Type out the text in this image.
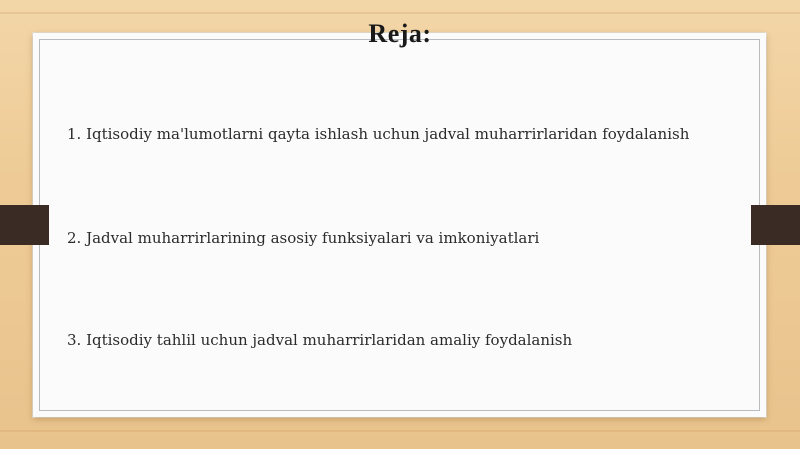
Reja:
1. Iqtisodiy ma'lumotlarni qayta ishlash uchun jadval muharrirlaridan foydalanish
2. Jadval muharrirlarining asosiy funksiyalari va imkoniyatlari
3. Iqtisodiy tahlil uchun jadval muharrirlaridan amaliy foydalanish
